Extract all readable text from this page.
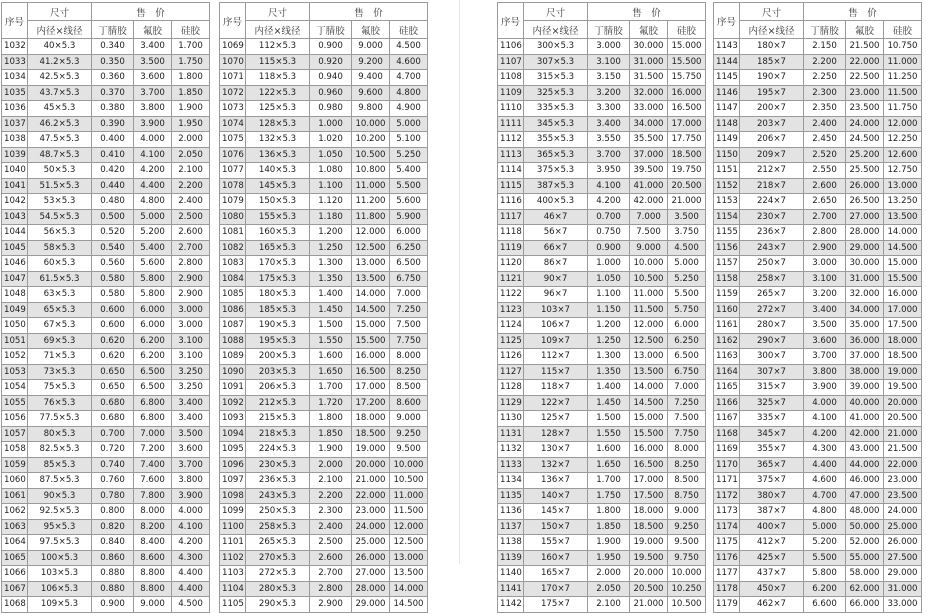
序号	尺寸	售　价		
	内径×线径	丁腈胶	氟胶	硅胶
1032	40×5.3	0.340	3.400	1.700
1033	41.2×5.3	0.350	3.500	1.750
1034	42.5×5.3	0.360	3.600	1.800
1035	43.7×5.3	0.370	3.700	1.850
1036	45×5.3	0.380	3.800	1.900
1037	46.2×5.3	0.390	3.900	1.950
1038	47.5×5.3	0.400	4.000	2.000
1039	48.7×5.3	0.410	4.100	2.050
1040	50×5.3	0.420	4.200	2.100
1041	51.5×5.3	0.440	4.400	2.200
1042	53×5.3	0.480	4.800	2.400
1043	54.5×5.3	0.500	5.000	2.500
1044	56×5.3	0.520	5.200	2.600
1045	58×5.3	0.540	5.400	2.700
1046	60×5.3	0.560	5.600	2.800
1047	61.5×5.3	0.580	5.800	2.900
1048	63×5.3	0.580	5.800	2.900
1049	65×5.3	0.600	6.000	3.000
1050	67×5.3	0.600	6.000	3.000
1051	69×5.3	0.620	6.200	3.100
1052	71×5.3	0.620	6.200	3.100
1053	73×5.3	0.650	6.500	3.250
1054	75×5.3	0.650	6.500	3.250
1055	76×5.3	0.680	6.800	3.400
1056	77.5×5.3	0.680	6.800	3.400
1057	80×5.3	0.700	7.000	3.500
1058	82.5×5.3	0.720	7.200	3.600
1059	85×5.3	0.740	7.400	3.700
1060	87.5×5.3	0.760	7.600	3.800
1061	90×5.3	0.780	7.800	3.900
1062	92.5×5.3	0.800	8.000	4.000
1063	95×5.3	0.820	8.200	4.100
1064	97.5×5.3	0.840	8.400	4.200
1065	100×5.3	0.860	8.600	4.300
1066	103×5.3	0.880	8.800	4.400
1067	106×5.3	0.880	8.800	4.400
1068	109×5.3	0.900	9.000	4.500
序号	尺寸	售　价		
	内径×线径	丁腈胶	氟胶	硅胶
1069	112×5.3	0.900	9.000	4.500
1070	115×5.3	0.920	9.200	4.600
1071	118×5.3	0.940	9.400	4.700
1072	122×5.3	0.960	9.600	4.800
1073	125×5.3	0.980	9.800	4.900
1074	128×5.3	1.000	10.000	5.000
1075	132×5.3	1.020	10.200	5.100
1076	136×5.3	1.050	10.500	5.250
1077	140×5.3	1.080	10.800	5.400
1078	145×5.3	1.100	11.000	5.500
1079	150×5.3	1.120	11.200	5.600
1080	155×5.3	1.180	11.800	5.900
1081	160×5.3	1.200	12.000	6.000
1082	165×5.3	1.250	12.500	6.250
1083	170×5.3	1.300	13.000	6.500
1084	175×5.3	1.350	13.500	6.750
1085	180×5.3	1.400	14.000	7.000
1086	185×5.3	1.450	14.500	7.250
1087	190×5.3	1.500	15.000	7.500
1088	195×5.3	1.550	15.500	7.750
1089	200×5.3	1.600	16.000	8.000
1090	203×5.3	1.650	16.500	8.250
1091	206×5.3	1.700	17.000	8.500
1092	212×5.3	1.720	17.200	8.600
1093	215×5.3	1.800	18.000	9.000
1094	218×5.3	1.850	18.500	9.250
1095	224×5.3	1.900	19.000	9.500
1096	230×5.3	2.000	20.000	10.000
1097	236×5.3	2.100	21.000	10.500
1098	243×5.3	2.200	22.000	11.000
1099	250×5.3	2.300	23.000	11.500
1100	258×5.3	2.400	24.000	12.000
1101	265×5.3	2.500	25.000	12.500
1102	270×5.3	2.600	26.000	13.000
1103	272×5.3	2.700	27.000	13.500
1104	280×5.3	2.800	28.000	14.000
1105	290×5.3	2.900	29.000	14.500
序号	尺寸	售　价		
	内径×线径	丁腈胶	氟胶	硅胶
1106	300×5.3	3.000	30.000	15.000
1107	307×5.3	3.100	31.000	15.500
1108	315×5.3	3.150	31.500	15.750
1109	325×5.3	3.200	32.000	16.000
1110	335×5.3	3.300	33.000	16.500
1111	345×5.3	3.400	34.000	17.000
1112	355×5.3	3.550	35.500	17.750
1113	365×5.3	3.700	37.000	18.500
1114	375×5.3	3.950	39.500	19.750
1115	387×5.3	4.100	41.000	20.500
1116	400×5.3	4.200	42.000	21.000
1117	46×7	0.700	7.000	3.500
1118	56×7	0.750	7.500	3.750
1119	66×7	0.900	9.000	4.500
1120	86×7	1.000	10.000	5.000
1121	90×7	1.050	10.500	5.250
1122	96×7	1.100	11.000	5.500
1123	103×7	1.150	11.500	5.750
1124	106×7	1.200	12.000	6.000
1125	109×7	1.250	12.500	6.250
1126	112×7	1.300	13.000	6.500
1127	115×7	1.350	13.500	6.750
1128	118×7	1.400	14.000	7.000
1129	122×7	1.450	14.500	7.250
1130	125×7	1.500	15.000	7.500
1131	128×7	1.550	15.500	7.750
1132	130×7	1.600	16.000	8.000
1133	132×7	1.650	16.500	8.250
1134	136×7	1.700	17.000	8.500
1135	140×7	1.750	17.500	8.750
1136	145×7	1.800	18.000	9.000
1137	150×7	1.850	18.500	9.250
1138	155×7	1.900	19.000	9.500
1139	160×7	1.950	19.500	9.750
1140	165×7	2.000	20.000	10.000
1141	170×7	2.050	20.500	10.250
1142	175×7	2.100	21.000	10.500
序号	尺寸	售　价		
	内径×线径	丁腈胶	氟胶	硅胶
1143	180×7	2.150	21.500	10.750
1144	185×7	2.200	22.000	11.000
1145	190×7	2.250	22.500	11.250
1146	195×7	2.300	23.000	11.500
1147	200×7	2.350	23.500	11.750
1148	203×7	2.400	24.000	12.000
1149	206×7	2.450	24.500	12.250
1150	209×7	2.520	25.200	12.600
1151	212×7	2.550	25.500	12.750
1152	218×7	2.600	26.000	13.000
1153	224×7	2.650	26.500	13.250
1154	230×7	2.700	27.000	13.500
1155	236×7	2.800	28.000	14.000
1156	243×7	2.900	29.000	14.500
1157	250×7	3.000	30.000	15.000
1158	258×7	3.100	31.000	15.500
1159	265×7	3.200	32.000	16.000
1160	272×7	3.400	34.000	17.000
1161	280×7	3.500	35.000	17.500
1162	290×7	3.600	36.000	18.000
1163	300×7	3.700	37.000	18.500
1164	307×7	3.800	38.000	19.000
1165	315×7	3.900	39.000	19.500
1166	325×7	4.000	40.000	20.000
1167	335×7	4.100	41.000	20.500
1168	345×7	4.200	42.000	21.000
1169	355×7	4.300	43.000	21.500
1170	365×7	4.400	44.000	22.000
1171	375×7	4.600	46.000	23.000
1172	380×7	4.700	47.000	23.500
1173	387×7	4.800	48.000	24.000
1174	400×7	5.000	50.000	25.000
1175	412×7	5.200	52.000	26.000
1176	425×7	5.500	55.000	27.500
1177	437×7	5.800	58.000	29.000
1178	450×7	6.200	62.000	31.000
1179	462×7	6.600	66.000	33.000
